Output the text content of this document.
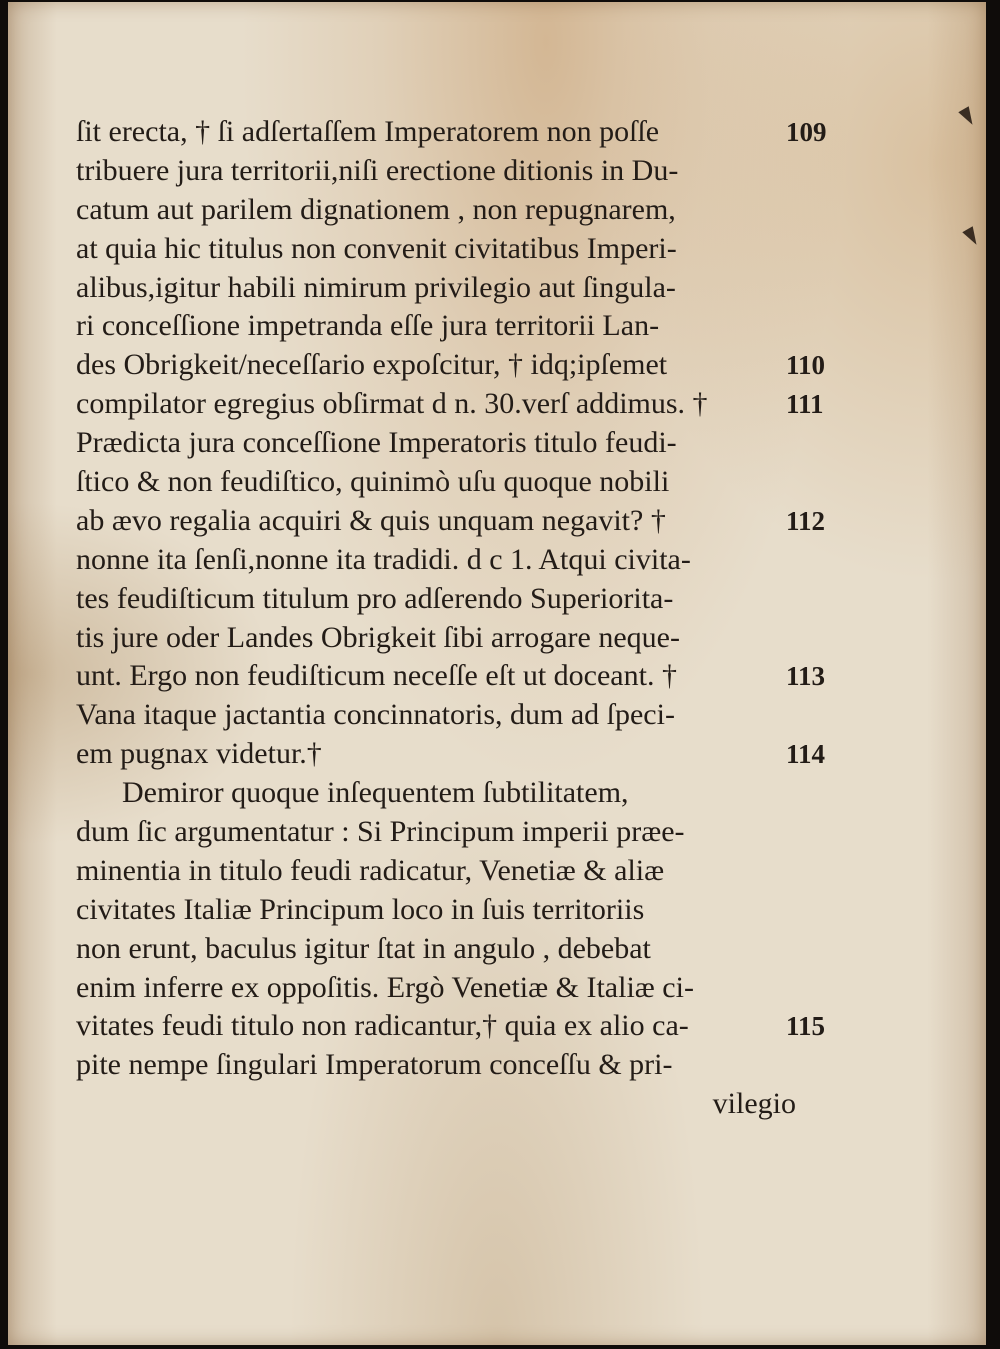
ſit erecta, † ſi adſertaſſem Imperatorem non poſſe
tribuere jura territorii,niſi erectione ditionis in Du-
catum aut parilem dignationem , non repugnarem,
at quia hic titulus non convenit civitatibus Imperi-
alibus,igitur habili nimirum privilegio aut ſingula-
ri conceſſione impetranda eſſe jura territorii Lan-
des Obrigkeit/neceſſario expoſcitur, † idq;ipſemet
compilator egregius obſirmat d n. 30.verſ addimus. †
Prædicta jura conceſſione Imperatoris titulo feudi-
ſtico & non feudiſtico, quinimò uſu quoque nobili
ab ævo regalia acquiri & quis unquam negavit? †
nonne ita ſenſi,nonne ita tradidi. d c 1. Atqui civita-
tes feudiſticum titulum pro adſerendo Superiorita-
tis jure oder Landes Obrigkeit ſibi arrogare neque-
unt. Ergo non feudiſticum neceſſe eſt ut doceant. †
Vana itaque jactantia concinnatoris, dum ad ſpeci-
em pugnax videtur.†
Demiror quoque inſequentem ſubtilitatem,
dum ſic argumentatur : Si Principum imperii præe-
minentia in titulo feudi radicatur, Venetiæ & aliæ
civitates Italiæ Principum loco in ſuis territoriis
non erunt, baculus igitur ſtat in angulo , debebat
enim inferre ex oppoſitis. Ergò Venetiæ & Italiæ ci-
vitates feudi titulo non radicantur,† quia ex alio ca-
pite nempe ſingulari Imperatorum conceſſu & pri-
vilegio
109
110
111
112
113
114
115
